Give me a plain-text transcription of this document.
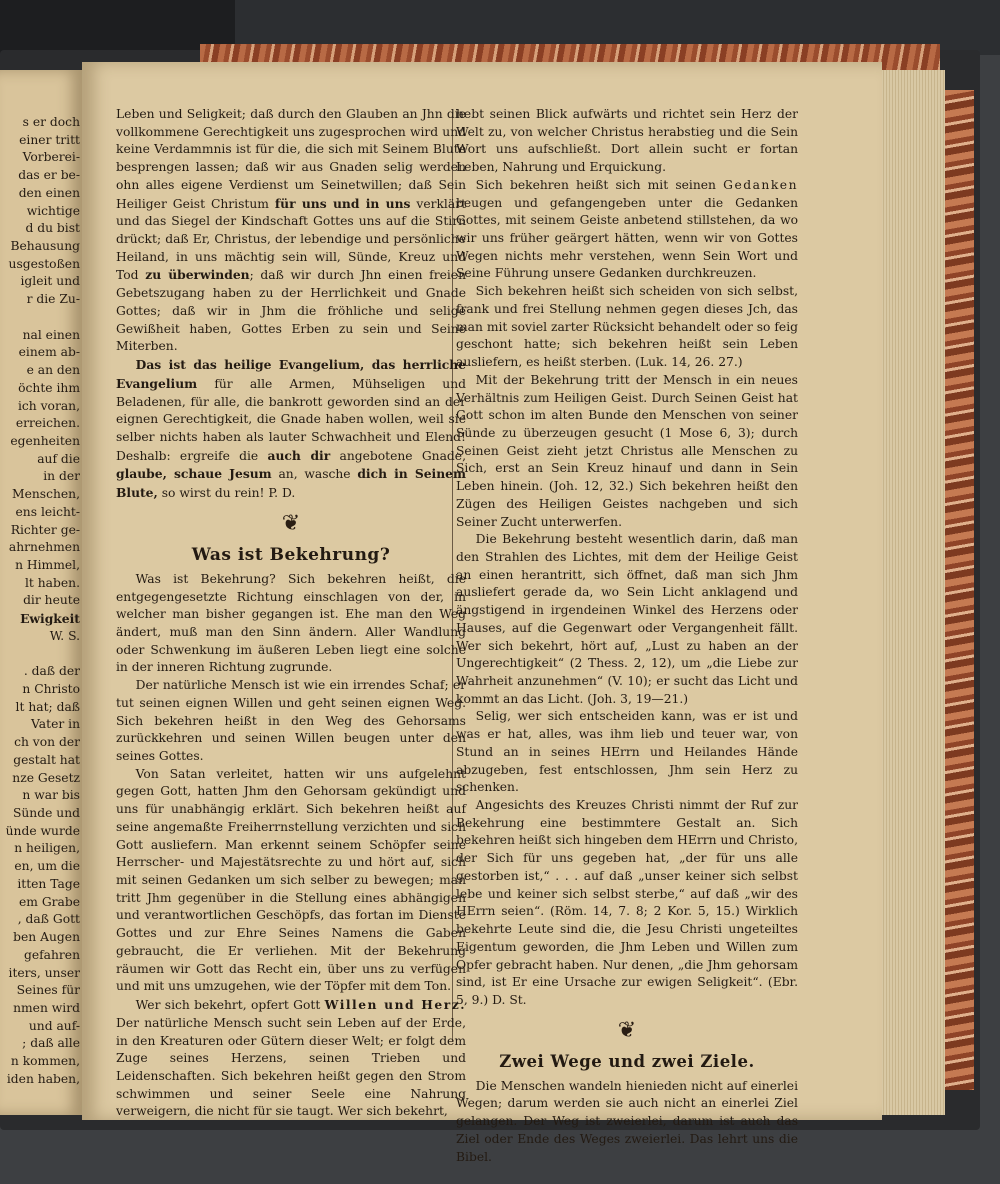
s er doch
einer tritt
Vorberei-
das er be-
den einen
wichtige
d du bist
Behausung
usgestoßen
igleit und
r die Zu-
nal einen
einem ab-
e an den
öchte ihm
ich voran,
erreichen.
egenheiten
auf die
in der
Menschen,
ens leicht-
Richter ge-
ahrnehmen
n Himmel,
lt haben.
dir heute
Ewigkeit
W. S.
. daß der
n Christo
lt hat; daß
Vater in
ch von der
gestalt hat
nze Gesetz
n war bis
Sünde und
ünde wurde
n heiligen,
en, um die
itten Tage
em Grabe
, daß Gott
ben Augen
gefahren
iters, unser
Seines für
nmen wird
und auf-
; daß alle
n kommen,
iden haben,

Leben und Seligkeit; daß durch den Glauben an Jhn die vollkommene Gerechtigkeit uns zugesprochen wird und keine Verdammnis ist für die, die sich mit Seinem Blute besprengen lassen; daß wir aus Gnaden selig werden ohn alles eigene Verdienst um Seinetwillen; daß Sein Heiliger Geist Christum für uns und in uns verklärt und das Siegel der Kindschaft Gottes uns auf die Stirn drückt; daß Er, Christus, der lebendige und persönliche Heiland, in uns mächtig sein will, Sünde, Kreuz und Tod zu überwinden; daß wir durch Jhn einen freien Gebetszugang haben zu der Herrlichkeit und Gnade Gottes; daß wir in Jhm die fröhliche und selige Gewißheit haben, Gottes Erben zu sein und Seine Miterben.

Das ist das heilige Evangelium, das herrliche Evangelium für alle Armen, Mühseligen und Beladenen, für alle, die bankrott geworden sind an der eignen Gerechtigkeit, die Gnade haben wollen, weil sie selber nichts haben als lauter Schwachheit und Elend! Deshalb: ergreife die auch dir angebotene Gnade, glaube, schaue Jesum an, wasche dich in Seinem Blute, so wirst du rein! P. D.

❦
Was ist Bekehrung?

Was ist Bekehrung? Sich bekehren heißt, die entgegengesetzte Richtung einschlagen von der, in welcher man bisher gegangen ist. Ehe man den Weg ändert, muß man den Sinn ändern. Aller Wandlung oder Schwenkung im äußeren Leben liegt eine solche in der inneren Richtung zugrunde.

Der natürliche Mensch ist wie ein irrendes Schaf; er tut seinen eignen Willen und geht seinen eignen Weg. Sich bekehren heißt in den Weg des Gehorsams zurückkehren und seinen Willen beugen unter den seines Gottes.

Von Satan verleitet, hatten wir uns aufgelehnt gegen Gott, hatten Jhm den Gehorsam gekündigt und uns für unabhängig erklärt. Sich bekehren heißt auf seine angemaßte Freiherrnstellung verzichten und sich Gott ausliefern. Man erkennt seinem Schöpfer seine Herrscher- und Majestätsrechte zu und hört auf, sich mit seinen Gedanken um sich selber zu bewegen; man tritt Jhm gegenüber in die Stellung eines abhängigen und verantwortlichen Geschöpfs, das fortan im Dienste Gottes und zur Ehre Seines Namens die Gaben gebraucht, die Er verliehen. Mit der Bekehrung räumen wir Gott das Recht ein, über uns zu verfügen und mit uns umzugehen, wie der Töpfer mit dem Ton.

Wer sich bekehrt, opfert Gott Willen und Herz. Der natürliche Mensch sucht sein Leben auf der Erde, in den Kreaturen oder Gütern dieser Welt; er folgt dem Zuge seines Herzens, seinen Trieben und Leidenschaften. Sich bekehren heißt gegen den Strom schwimmen und seiner Seele eine Nahrung verweigern, die nicht für sie taugt. Wer sich bekehrt,

hebt seinen Blick aufwärts und richtet sein Herz der Welt zu, von welcher Christus herabstieg und die Sein Wort uns aufschließt. Dort allein sucht er fortan Leben, Nahrung und Erquickung.

Sich bekehren heißt sich mit seinen Gedanken beugen und gefangengeben unter die Gedanken Gottes, mit seinem Geiste anbetend stillstehen, da wo wir uns früher geärgert hätten, wenn wir von Gottes Wegen nichts mehr verstehen, wenn Sein Wort und Seine Führung unsere Gedanken durchkreuzen.

Sich bekehren heißt sich scheiden von sich selbst, frank und frei Stellung nehmen gegen dieses Jch, das man mit soviel zarter Rücksicht behandelt oder so feig geschont hatte; sich bekehren heißt sein Leben ausliefern, es heißt sterben. (Luk. 14, 26. 27.)

Mit der Bekehrung tritt der Mensch in ein neues Verhältnis zum Heiligen Geist. Durch Seinen Geist hat Gott schon im alten Bunde den Menschen von seiner Sünde zu überzeugen gesucht (1 Mose 6, 3); durch Seinen Geist zieht jetzt Christus alle Menschen zu Sich, erst an Sein Kreuz hinauf und dann in Sein Leben hinein. (Joh. 12, 32.) Sich bekehren heißt den Zügen des Heiligen Geistes nachgeben und sich Seiner Zucht unterwerfen.

Die Bekehrung besteht wesentlich darin, daß man den Strahlen des Lichtes, mit dem der Heilige Geist an einen herantritt, sich öffnet, daß man sich Jhm ausliefert gerade da, wo Sein Licht anklagend und ängstigend in irgendeinen Winkel des Herzens oder Hauses, auf die Gegenwart oder Vergangenheit fällt. Wer sich bekehrt, hört auf, „Lust zu haben an der Ungerechtigkeit“ (2 Thess. 2, 12), um „die Liebe zur Wahrheit anzunehmen“ (V. 10); er sucht das Licht und kommt an das Licht. (Joh. 3, 19—21.)

Selig, wer sich entscheiden kann, was er ist und was er hat, alles, was ihm lieb und teuer war, von Stund an in seines HErrn und Heilandes Hände abzugeben, fest entschlossen, Jhm sein Herz zu schenken.

Angesichts des Kreuzes Christi nimmt der Ruf zur Bekehrung eine bestimmtere Gestalt an. Sich bekehren heißt sich hingeben dem HErrn und Christo, der Sich für uns gegeben hat, „der für uns alle gestorben ist,“ . . . auf daß „unser keiner sich selbst lebe und keiner sich selbst sterbe,“ auf daß „wir des HErrn seien“. (Röm. 14, 7. 8; 2 Kor. 5, 15.) Wirklich bekehrte Leute sind die, die Jesu Christi ungeteiltes Eigentum geworden, die Jhm Leben und Willen zum Opfer gebracht haben. Nur denen, „die Jhm gehorsam sind, ist Er eine Ursache zur ewigen Seligkeit“. (Ebr. 5, 9.) D. St.

❦
Zwei Wege und zwei Ziele.

Die Menschen wandeln hienieden nicht auf einerlei Wegen; darum werden sie auch nicht an einerlei Ziel gelangen. Der Weg ist zweierlei, darum ist auch das Ziel oder Ende des Weges zweierlei. Das lehrt uns die Bibel.
